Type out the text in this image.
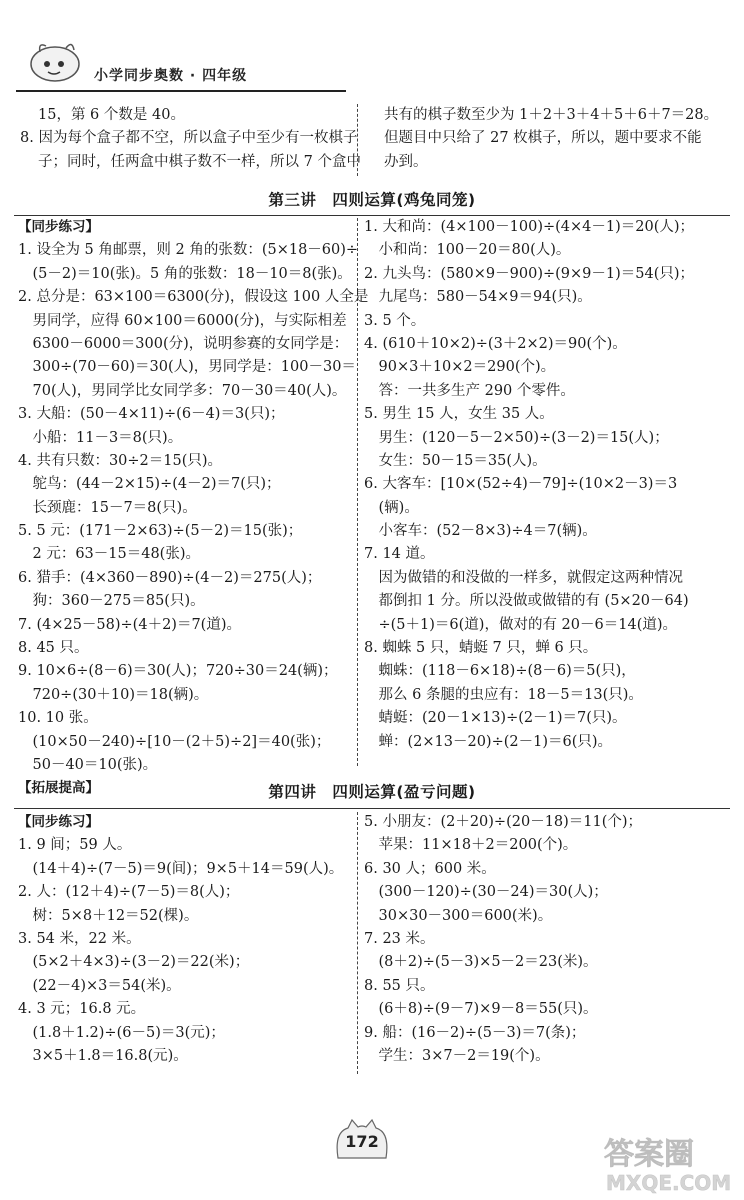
小学同步奥数 · 四年级
15，第 6 个数是 40。
8. 因为每个盒子都不空，所以盒子中至少有一枚棋子
子；同时，任两盒中棋子数不一样，所以 7 个盒中
共有的棋子数至少为 1＋2＋3＋4＋5＋6＋7＝28。
但题目中只给了 27 枚棋子，所以，题中要求不能
办到。
第三讲　四则运算(鸡兔同笼)
【同步练习】
1. 设全为 5 角邮票，则 2 角的张数：(5×18－60)÷
　(5－2)＝10(张)。5 角的张数：18－10＝8(张)。
2. 总分是：63×100＝6300(分)，假设这 100 人全是
　男同学，应得 60×100＝6000(分)，与实际相差
　6300－6000＝300(分)，说明参赛的女同学是：
　300÷(70－60)＝30(人)，男同学是：100－30＝
　70(人)，男同学比女同学多：70－30＝40(人)。
3. 大船：(50－4×11)÷(6－4)＝3(只)；
　小船：11－3＝8(只)。
4. 共有只数：30÷2＝15(只)。
　鸵鸟：(44－2×15)÷(4－2)＝7(只)；
　长颈鹿：15－7＝8(只)。
5. 5 元：(171－2×63)÷(5－2)＝15(张)；
　2 元：63－15＝48(张)。
6. 猎手：(4×360－890)÷(4－2)＝275(人)；
　狗：360－275＝85(只)。
7. (4×25－58)÷(4＋2)＝7(道)。
8. 45 只。
9. 10×6÷(8－6)＝30(人)；720÷30＝24(辆)；
　720÷(30＋10)＝18(辆)。
10. 10 张。
　(10×50－240)÷[10－(2＋5)÷2]＝40(张)；
　50－40＝10(张)。
【拓展提高】
1. 大和尚：(4×100－100)÷(4×4－1)＝20(人)；
　小和尚：100－20＝80(人)。
2. 九头鸟：(580×9－900)÷(9×9－1)＝54(只)；
　九尾鸟：580－54×9＝94(只)。
3. 5 个。
4. (610＋10×2)÷(3＋2×2)＝90(个)。
　90×3＋10×2＝290(个)。
　答：一共多生产 290 个零件。
5. 男生 15 人，女生 35 人。
　男生：(120－5－2×50)÷(3－2)＝15(人)；
　女生：50－15＝35(人)。
6. 大客车：[10×(52÷4)－79]÷(10×2－3)＝3
　(辆)。
　小客车：(52－8×3)÷4＝7(辆)。
7. 14 道。
　因为做错的和没做的一样多，就假定这两种情况
　都倒扣 1 分。所以没做或做错的有 (5×20－64)
　÷(5＋1)＝6(道)，做对的有 20－6＝14(道)。
8. 蜘蛛 5 只，蜻蜓 7 只，蝉 6 只。
　蜘蛛：(118－6×18)÷(8－6)＝5(只)，
　那么 6 条腿的虫应有：18－5＝13(只)。
　蜻蜓：(20－1×13)÷(2－1)＝7(只)。
　蝉：(2×13－20)÷(2－1)＝6(只)。
第四讲　四则运算(盈亏问题)
【同步练习】
1. 9 间；59 人。
　(14＋4)÷(7－5)＝9(间)；9×5＋14＝59(人)。
2. 人：(12＋4)÷(7－5)＝8(人)；
　树：5×8＋12＝52(棵)。
3. 54 米，22 米。
　(5×2＋4×3)÷(3－2)＝22(米)；
　(22－4)×3＝54(米)。
4. 3 元；16.8 元。
　(1.8＋1.2)÷(6－5)＝3(元)；
　3×5＋1.8＝16.8(元)。
5. 小朋友：(2＋20)÷(20－18)＝11(个)；
　苹果：11×18＋2＝200(个)。
6. 30 人；600 米。
　(300－120)÷(30－24)＝30(人)；
　30×30－300＝600(米)。
7. 23 米。
　(8＋2)÷(5－3)×5－2＝23(米)。
8. 55 只。
　(6＋8)÷(9－7)×9－8＝55(只)。
9. 船：(16－2)÷(5－3)＝7(条)；
　学生：3×7－2＝19(个)。
172	答案圈
MXQE.COM
